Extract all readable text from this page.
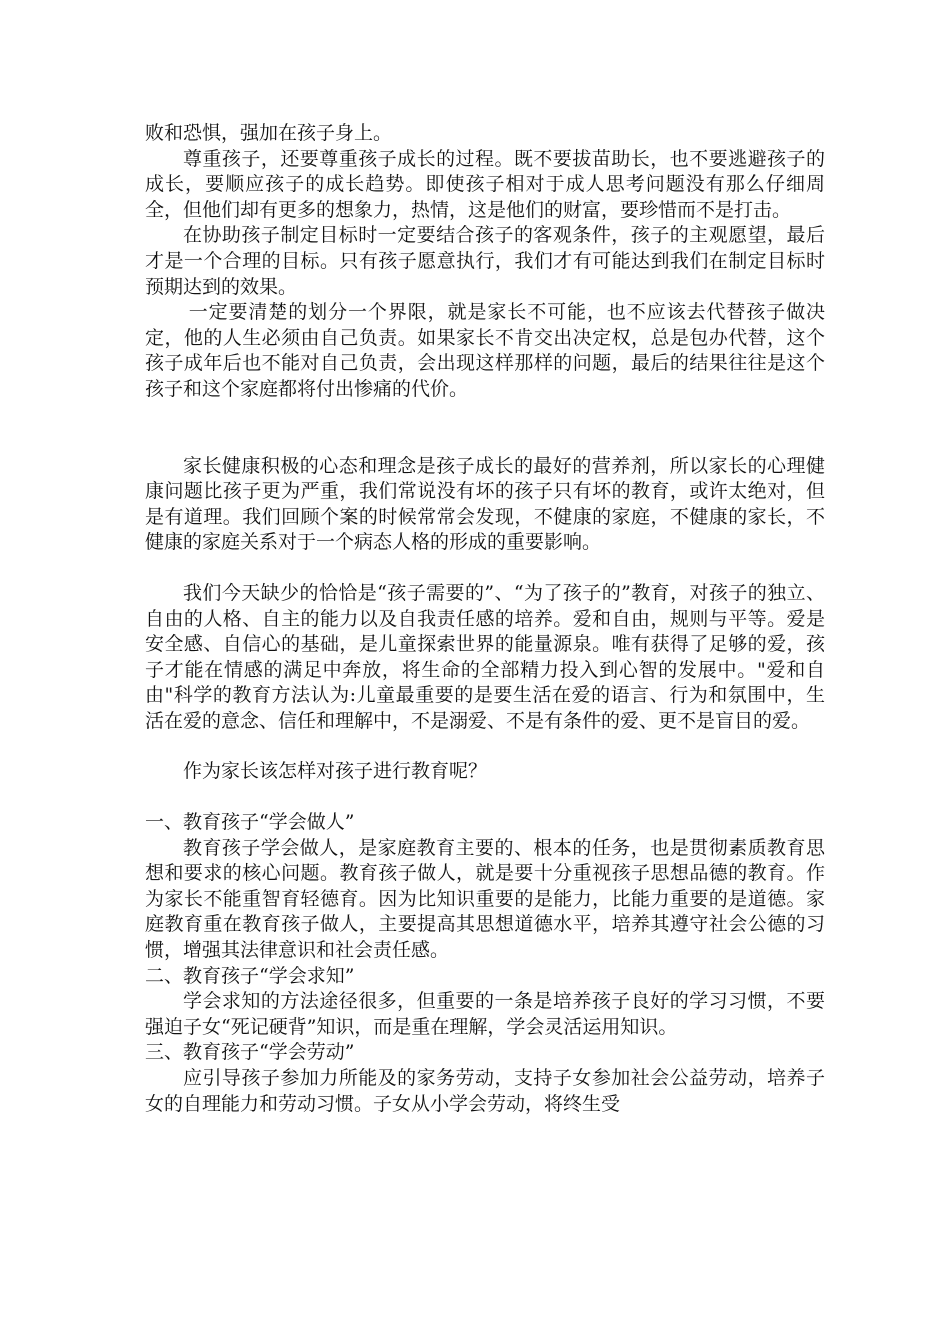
败和恐惧，强加在孩子身上。

尊重孩子，还要尊重孩子成长的过程。既不要拔苗助长，也不要逃避孩子的成长，要顺应孩子的成长趋势。即使孩子相对于成人思考问题没有那么仔细周全，但他们却有更多的想象力，热情，这是他们的财富，要珍惜而不是打击。

在协助孩子制定目标时一定要结合孩子的客观条件，孩子的主观愿望，最后才是一个合理的目标。只有孩子愿意执行，我们才有可能达到我们在制定目标时预期达到的效果。

一定要清楚的划分一个界限，就是家长不可能，也不应该去代替孩子做决定，他的人生必须由自己负责。如果家长不肯交出决定权，总是包办代替，这个孩子成年后也不能对自己负责，会出现这样那样的问题，最后的结果往往是这个孩子和这个家庭都将付出惨痛的代价。

家长健康积极的心态和理念是孩子成长的最好的营养剂，所以家长的心理健康问题比孩子更为严重，我们常说没有坏的孩子只有坏的教育，或许太绝对，但是有道理。我们回顾个案的时候常常会发现，不健康的家庭，不健康的家长，不健康的家庭关系对于一个病态人格的形成的重要影响。

我们今天缺少的恰恰是“孩子需要的”、“为了孩子的”教育，对孩子的独立、自由的人格、自主的能力以及自我责任感的培养。爱和自由，规则与平等。爱是安全感、自信心的基础，是儿童探索世界的能量源泉。唯有获得了足够的爱，孩子才能在情感的满足中奔放，将生命的全部精力投入到心智的发展中。"爱和自由"科学的教育方法认为:儿童最重要的是要生活在爱的语言、行为和氛围中，生活在爱的意念、信任和理解中，不是溺爱、不是有条件的爱、更不是盲目的爱。

作为家长该怎样对孩子进行教育呢？

一、教育孩子“学会做人”

教育孩子学会做人，是家庭教育主要的、根本的任务，也是贯彻素质教育思想和要求的核心问题。教育孩子做人，就是要十分重视孩子思想品德的教育。作为家长不能重智育轻德育。因为比知识重要的是能力，比能力重要的是道德。家庭教育重在教育孩子做人，主要提高其思想道德水平，培养其遵守社会公德的习惯，增强其法律意识和社会责任感。

二、教育孩子“学会求知”

学会求知的方法途径很多，但重要的一条是培养孩子良好的学习习惯，不要强迫子女“死记硬背”知识，而是重在理解，学会灵活运用知识。

三、教育孩子“学会劳动”

应引导孩子参加力所能及的家务劳动，支持子女参加社会公益劳动，培养子女的自理能力和劳动习惯。子女从小学会劳动，将终生受
